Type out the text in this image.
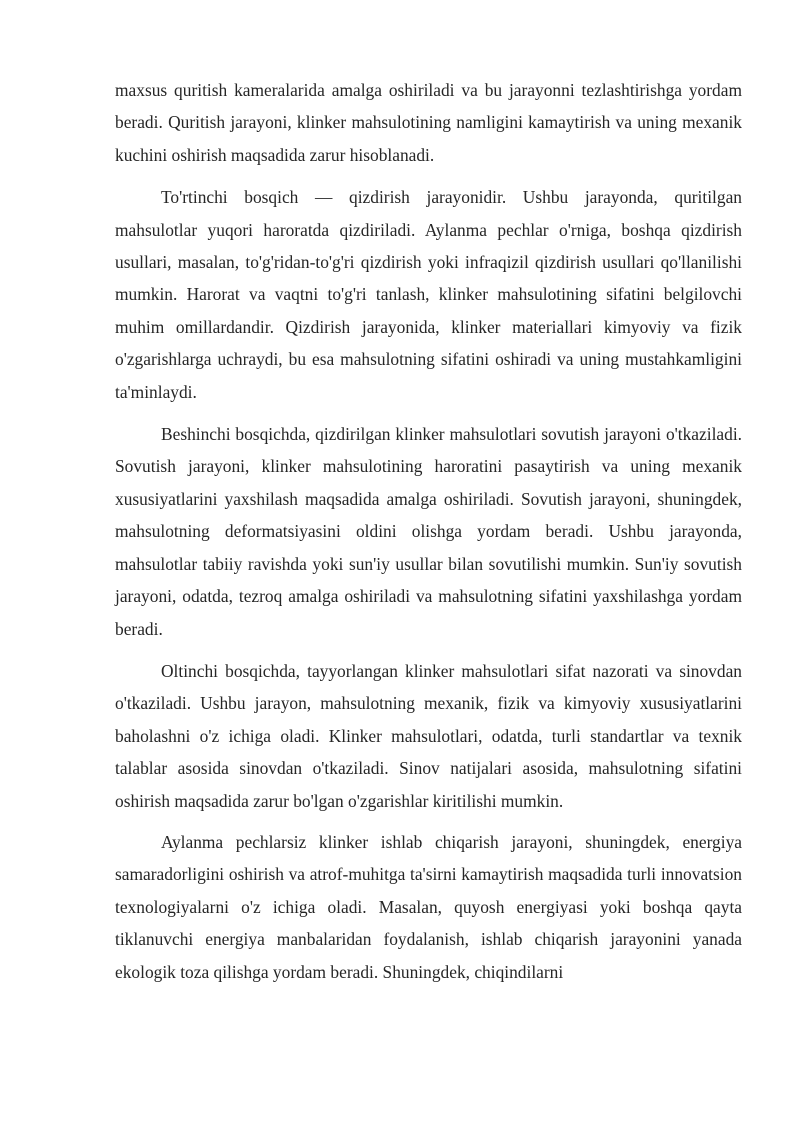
maxsus quritish kameralarida amalga oshiriladi va bu jarayonni tezlashtirishga yordam beradi. Quritish jarayoni, klinker mahsulotining namligini kamaytirish va uning mexanik kuchini oshirish maqsadida zarur hisoblanadi.

To'rtinchi bosqich — qizdirish jarayonidir. Ushbu jarayonda, quritilgan mahsulotlar yuqori haroratda qizdiriladi. Aylanma pechlar o'rniga, boshqa qizdirish usullari, masalan, to'g'ridan-to'g'ri qizdirish yoki infraqizil qizdirish usullari qo'llanilishi mumkin. Harorat va vaqtni to'g'ri tanlash, klinker mahsulotining sifatini belgilovchi muhim omillardandir. Qizdirish jarayonida, klinker materiallari kimyoviy va fizik o'zgarishlarga uchraydi, bu esa mahsulotning sifatini oshiradi va uning mustahkamligini ta'minlaydi.

Beshinchi bosqichda, qizdirilgan klinker mahsulotlari sovutish jarayoni o'tkaziladi. Sovutish jarayoni, klinker mahsulotining haroratini pasaytirish va uning mexanik xususiyatlarini yaxshilash maqsadida amalga oshiriladi. Sovutish jarayoni, shuningdek, mahsulotning deformatsiyasini oldini olishga yordam beradi. Ushbu jarayonda, mahsulotlar tabiiy ravishda yoki sun'iy usullar bilan sovutilishi mumkin. Sun'iy sovutish jarayoni, odatda, tezroq amalga oshiriladi va mahsulotning sifatini yaxshilashga yordam beradi.

Oltinchi bosqichda, tayyorlangan klinker mahsulotlari sifat nazorati va sinovdan o'tkaziladi. Ushbu jarayon, mahsulotning mexanik, fizik va kimyoviy xususiyatlarini baholashni o'z ichiga oladi. Klinker mahsulotlari, odatda, turli standartlar va texnik talablar asosida sinovdan o'tkaziladi. Sinov natijalari asosida, mahsulotning sifatini oshirish maqsadida zarur bo'lgan o'zgarishlar kiritilishi mumkin.

Aylanma pechlarsiz klinker ishlab chiqarish jarayoni, shuningdek, energiya samaradorligini oshirish va atrof-muhitga ta'sirni kamaytirish maqsadida turli innovatsion texnologiyalarni o'z ichiga oladi. Masalan, quyosh energiyasi yoki boshqa qayta tiklanuvchi energiya manbalaridan foydalanish, ishlab chiqarish jarayonini yanada ekologik toza qilishga yordam beradi. Shuningdek, chiqindilarni
